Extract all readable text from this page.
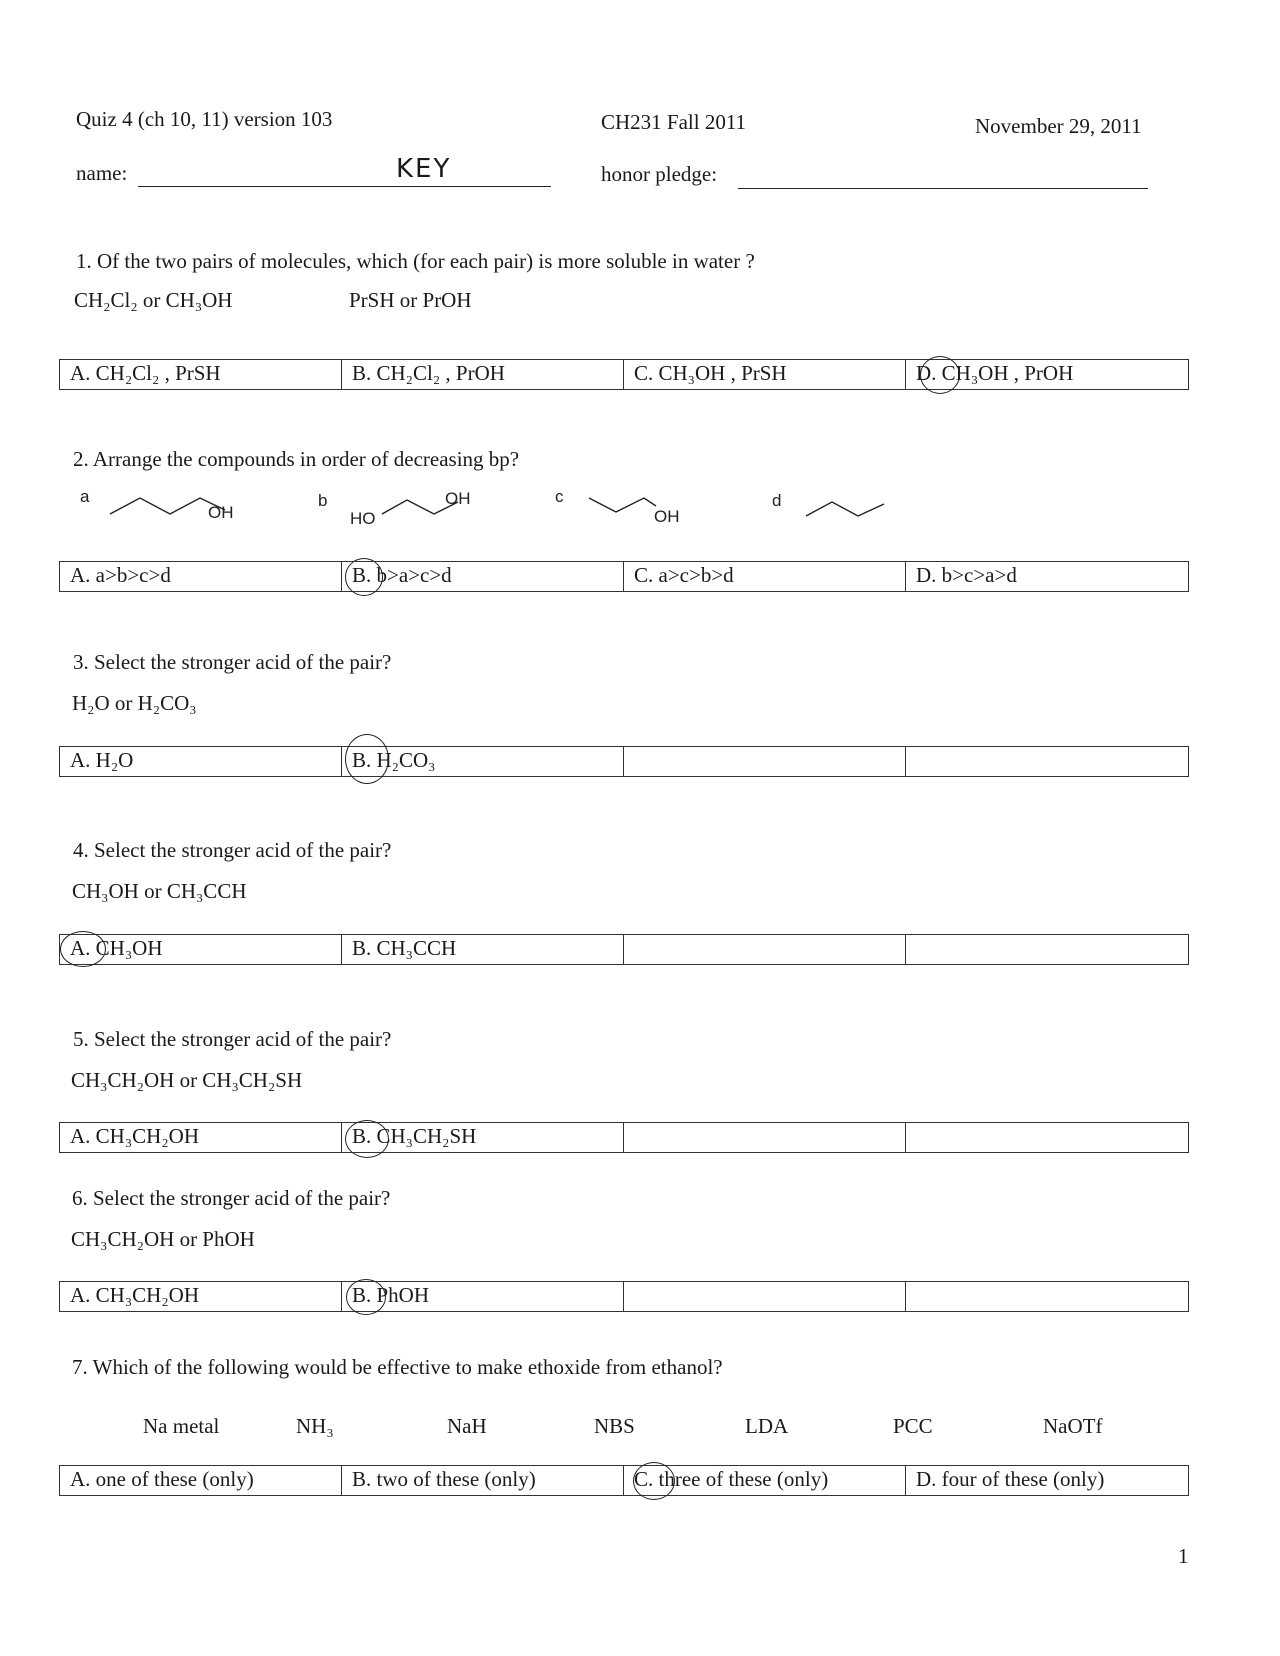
Quiz 4 (ch 10, 11) version 103	CH231 Fall 2011	November 29, 2011
name:	KEY	honor pledge:
1. Of the two pairs of molecules, which (for each pair) is more soluble in water ?
CH₂Cl₂ or CH₃OH	PrSH or PrOH
A. CH₂Cl₂ , PrSH	B. CH₂Cl₂ , PrOH	C. CH₃OH , PrSH	D. CH₃OH , PrOH
2. Arrange the compounds in order of decreasing bp?
a
OH
b
HO
OH	c
OH
d
A. a>b>c>d	B. b>a>c>d	C. a>c>b>d	D. b>c>a>d
3. Select the stronger acid of the pair?
H₂O or H₂CO₃
A. H₂O	B. H₂CO₃
4. Select the stronger acid of the pair?
CH₃OH or CH₃CCH
A. CH₃OH	B. CH₃CCH
5. Select the stronger acid of the pair?
CH₃CH₂OH or CH₃CH₂SH
A. CH₃CH₂OH	B. CH₃CH₂SH
6. Select the stronger acid of the pair?
CH₃CH₂OH or PhOH
A. CH₃CH₂OH	B. PhOH
7. Which of the following would be effective to make ethoxide from ethanol?
Na metal	NH₃	NaH	NBS	LDA	PCC	NaOTf
A. one of these (only)	B. two of these (only)	C. three of these (only)	D. four of these (only)
1
